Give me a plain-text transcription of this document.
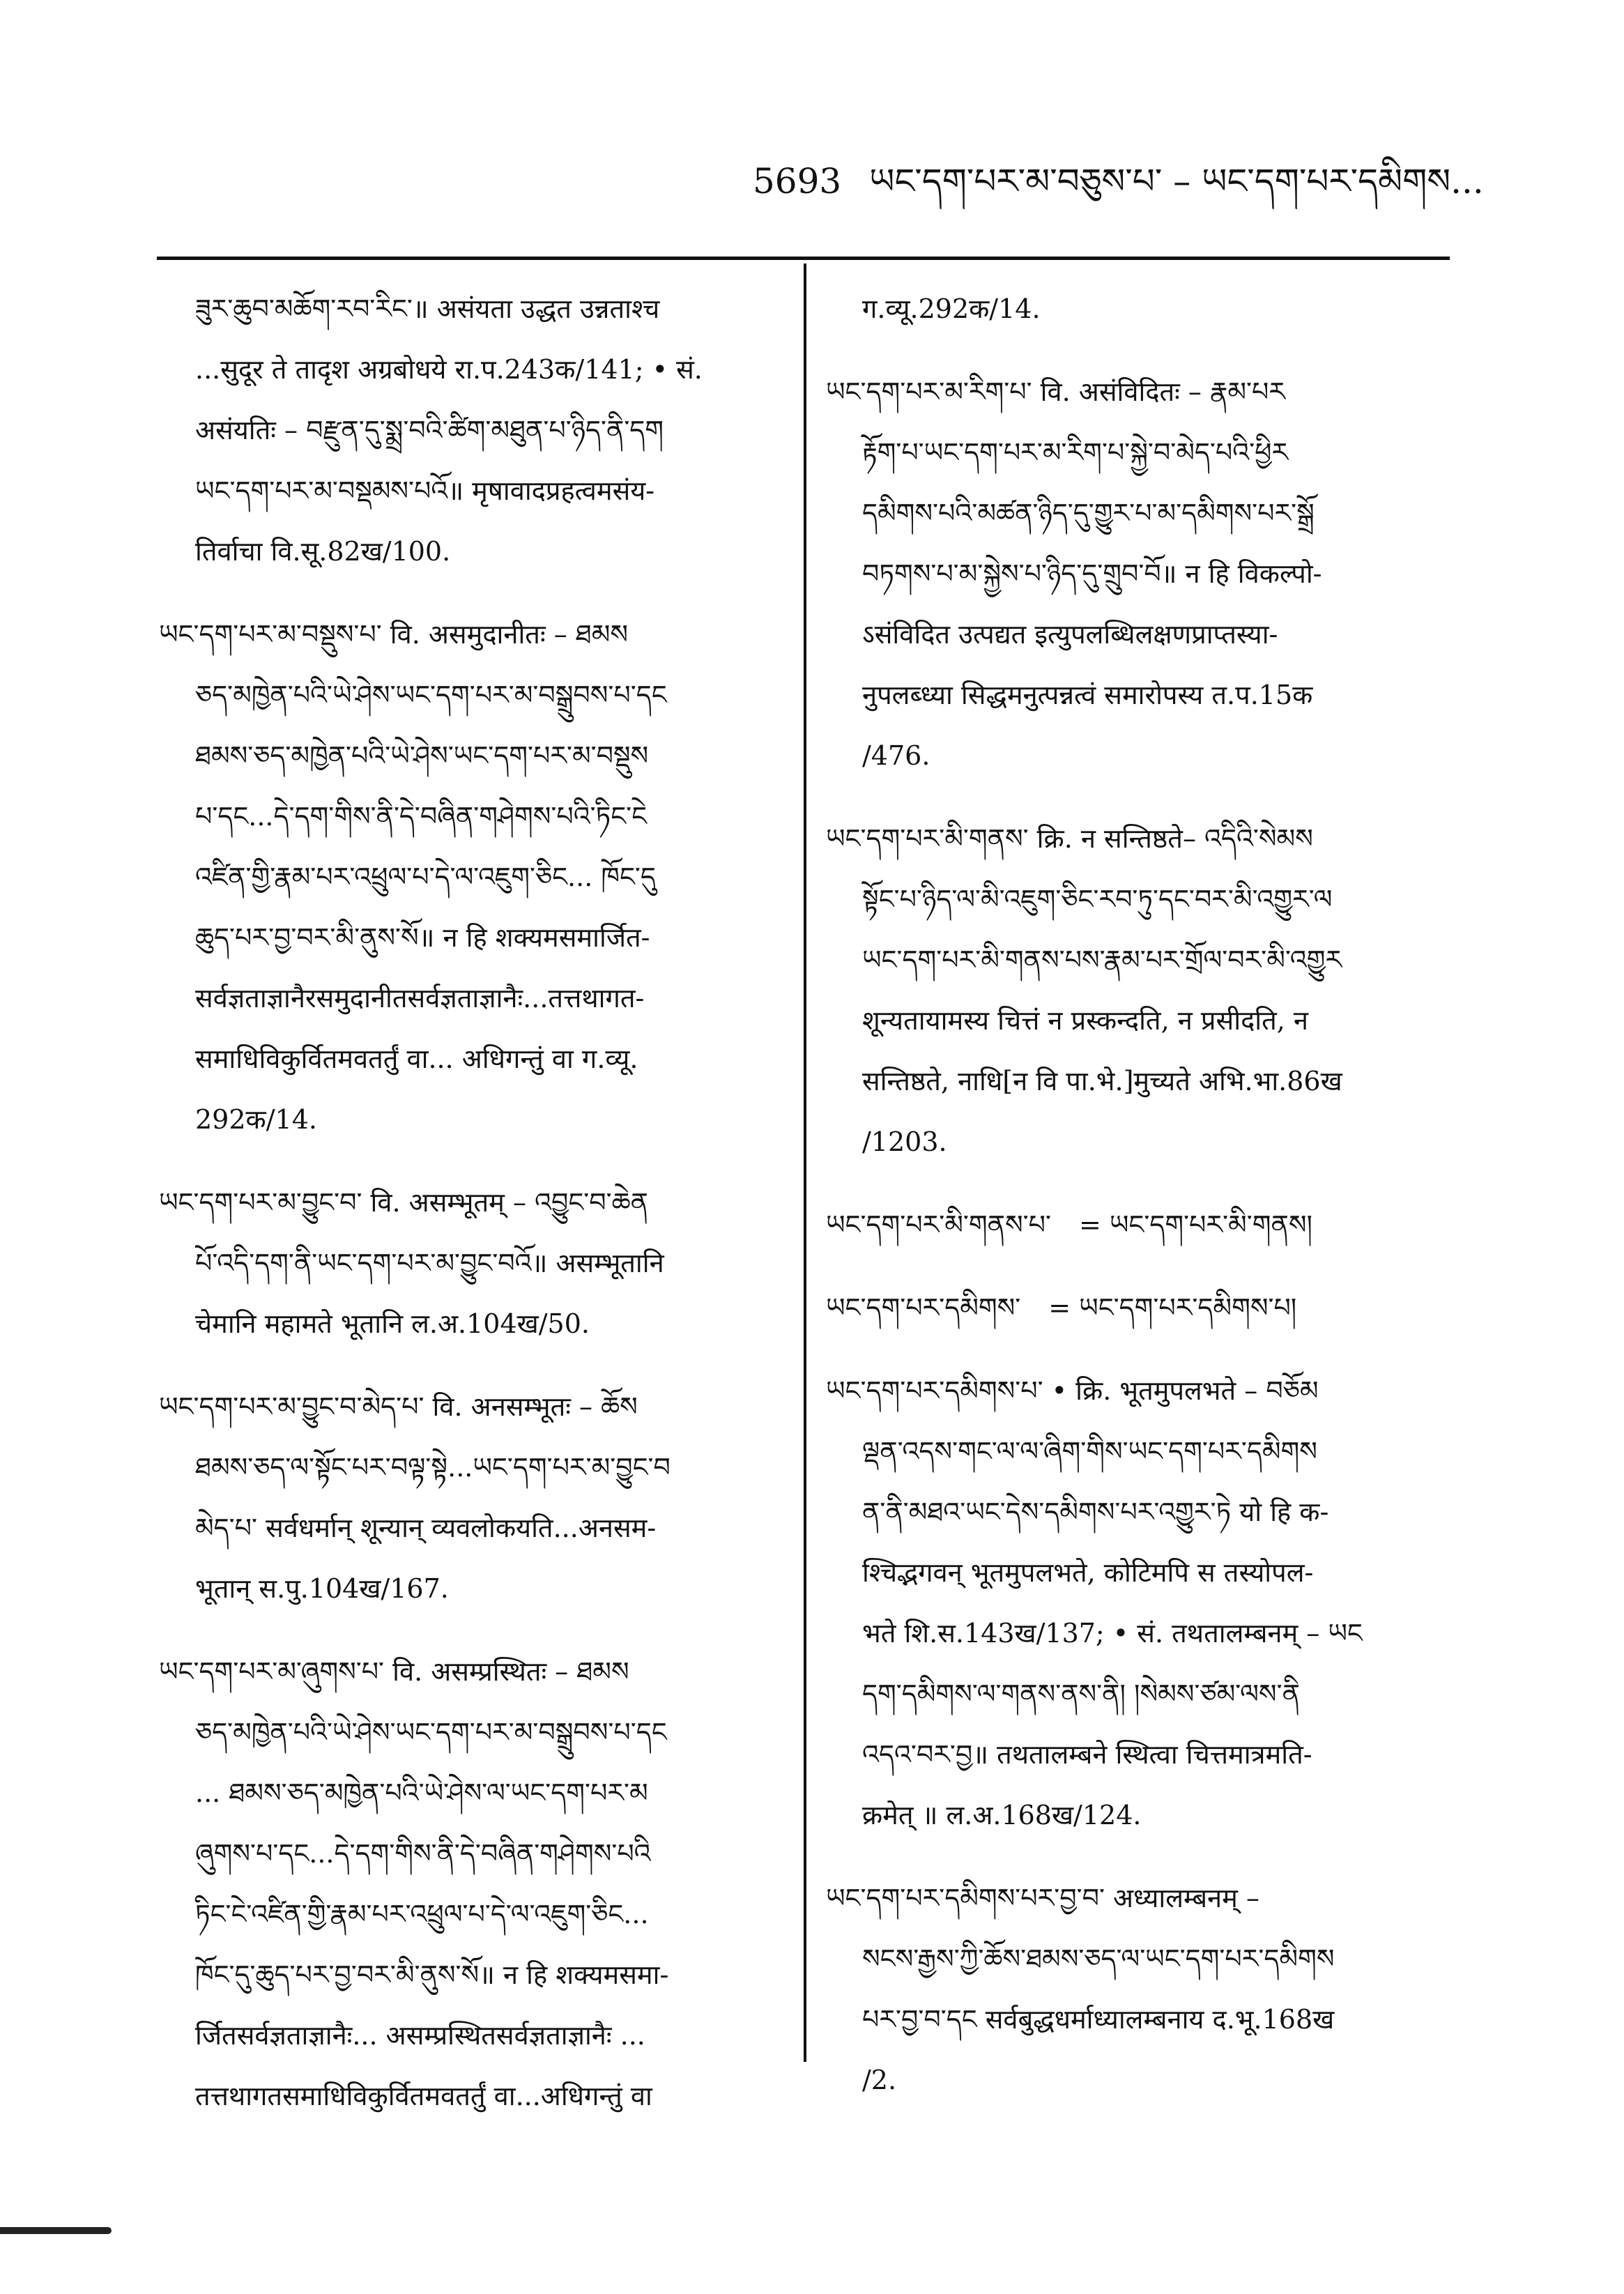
5693 ཡང་དག་པར་མ་བཅུས་པ་ – ཡང་དག་པར་དམིགས...

ཟུར་ཆུབ་མཆོག་རབ་རིང་॥ असंयता उद्धत उन्नताश्च

...सुदूर ते तादृश अग्रबोधये रा.प.243क/141; • सं.

असंयतिः – བརྫུན་དུ་སྨྲ་བའི་ཚིག་མཐུན་པ་ཉིད་ནི་དག

ཡང་དག་པར་མ་བསྡམས་པའོ॥ मृषावादप्रहत्वमसंय-

तिर्वाचा वि.सू.82ख/100.

ཡང་དག་པར་མ་བསྡུས་པ་ वि. असमुदानीतः – ཐམས

ཅད་མཁྱེན་པའི་ཡེ་ཤེས་ཡང་དག་པར་མ་བསྒྲུབས་པ་དང

ཐམས་ཅད་མཁྱེན་པའི་ཡེ་ཤེས་ཡང་དག་པར་མ་བསྡུས

པ་དང...དེ་དག་གིས་ནི་དེ་བཞིན་གཤེགས་པའི་ཏིང་ངེ

འཛིན་གྱི་རྣམ་པར་འཕྲུལ་པ་དེ་ལ་འཇུག་ཅིང... ཁོང་དུ

ཆུད་པར་བྱ་བར་མི་ནུས་སོ॥ न हि शक्यमसमार्जित-

सर्वज्ञताज्ञानैरसमुदानीतसर्वज्ञताज्ञानैः...तत्तथागत-

समाधिविकुर्वितमवतर्तुं वा... अधिगन्तुं वा ग.व्यू.

292क/14.

ཡང་དག་པར་མ་བྱུང་བ་ वि. असम्भूतम् – འབྱུང་བ་ཆེན

པོ་འདི་དག་ནི་ཡང་དག་པར་མ་བྱུང་བའོ॥ असम्भूतानि

चेमानि महामते भूतानि ल.अ.104ख/50.

ཡང་དག་པར་མ་བྱུང་བ་མེད་པ་ वि. अनसम्भूतः – ཆོས

ཐམས་ཅད་ལ་སྟོང་པར་བལྟ་སྟེ...ཡང་དག་པར་མ་བྱུང་བ

མེད་པ་ सर्वधर्मान् शून्यान् व्यवलोकयति...अनसम-

भूतान् स.पु.104ख/167.

ཡང་དག་པར་མ་ཞུགས་པ་ वि. असम्प्रस्थितः – ཐམས

ཅད་མཁྱེན་པའི་ཡེ་ཤེས་ཡང་དག་པར་མ་བསྒྲུབས་པ་དང

... ཐམས་ཅད་མཁྱེན་པའི་ཡེ་ཤེས་ལ་ཡང་དག་པར་མ

ཞུགས་པ་དང...དེ་དག་གིས་ནི་དེ་བཞིན་གཤེགས་པའི

ཏིང་ངེ་འཛིན་གྱི་རྣམ་པར་འཕྲུལ་པ་དེ་ལ་འཇུག་ཅིང...

ཁོང་དུ་ཆུད་པར་བྱ་བར་མི་ནུས་སོ॥ न हि शक्यमसमा-

र्जितसर्वज्ञताज्ञानैः... असम्प्रस्थितसर्वज्ञताज्ञानैः ...

तत्तथागतसमाधिविकुर्वितमवतर्तुं वा...अधिगन्तुं वा

ग.व्यू.292क/14.

ཡང་དག་པར་མ་རིག་པ་ वि. असंविदितः – རྣམ་པར

རྟོག་པ་ཡང་དག་པར་མ་རིག་པ་སྐྱེ་བ་མེད་པའི་ཕྱིར

དམིགས་པའི་མཚན་ཉིད་དུ་གྱུར་པ་མ་དམིགས་པར་སྒྲོ

བཏགས་པ་མ་སྐྱེས་པ་ཉིད་དུ་གྲུབ་བོ॥ न हि विकल्पो-

ऽसंविदित उत्पद्यत इत्युपलब्धिलक्षणप्राप्तस्या-

नुपलब्ध्या सिद्धमनुत्पन्नत्वं समारोपस्य त.प.15क

/476.

ཡང་དག་པར་མི་གནས་ क्रि. न सन्तिष्ठते– འདིའི་སེམས

སྟོང་པ་ཉིད་ལ་མི་འཇུག་ཅིང་རབ་ཏུ་དང་བར་མི་འགྱུར་ལ

ཡང་དག་པར་མི་གནས་པས་རྣམ་པར་གྲོལ་བར་མི་འགྱུར

शून्यतायामस्य चित्तं न प्रस्कन्दति, न प्रसीदति, न

सन्तिष्ठते, नाधि[न वि पा.भे.]मुच्यते अभि.भा.86ख

/1203.

ཡང་དག་པར་མི་གནས་པ་ = ཡང་དག་པར་མི་གནས།

ཡང་དག་པར་དམིགས་ = ཡང་དག་པར་དམིགས་པ།

ཡང་དག་པར་དམིགས་པ་ • क्रि. भूतमुपलभते – བཅོམ

ལྡན་འདས་གང་ལ་ལ་ཞིག་གིས་ཡང་དག་པར་དམིགས

ན་ནི་མཐའ་ཡང་དེས་དམིགས་པར་འགྱུར་ཏེ यो हि क-

श्चिद्भगवन् भूतमुपलभते, कोटिमपि स तस्योपल-

भते शि.स.143ख/137; • सं. तथतालम्बनम् – ཡང

དག་དམིགས་ལ་གནས་ནས་ནི། །སེམས་ཙམ་ལས་ནི

འདའ་བར་བྱ॥ तथतालम्बने स्थित्वा चित्तमात्रमति-

क्रमेत् ॥ ल.अ.168ख/124.

ཡང་དག་པར་དམིགས་པར་བྱ་བ་ अध्यालम्बनम् –

སངས་རྒྱས་ཀྱི་ཆོས་ཐམས་ཅད་ལ་ཡང་དག་པར་དམིགས

པར་བྱ་བ་དང सर्वबुद्धधर्माध्यालम्बनाय द.भू.168ख

/2.
